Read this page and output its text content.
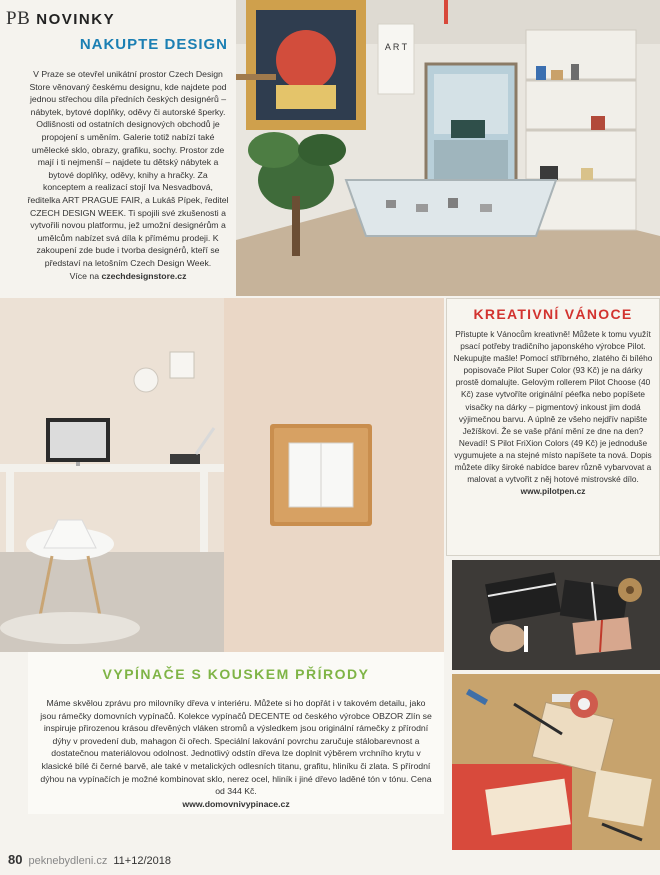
PB NOVINKY
NAKUPTE DESIGN
V Praze se otevřel unikátní prostor Czech Design Store věnovaný českému designu, kde najdete pod jednou střechou díla předních českých designérů – nábytek, bytové doplňky, oděvy či autorské šperky. Odlišnosti od ostatních designových obchodů je propojení s uměním. Galerie totiž nabízí také umělecké sklo, obrazy, grafiku, sochy. Prostor zde mají i ti nejmenší – najdete tu dětský nábytek a bytové doplňky, oděvy, knihy a hračky. Za konceptem a realizací stojí Iva Nesvadbová, ředitelka ART PRAGUE FAIR, a Lukáš Pípek, ředitel CZECH DESIGN WEEK. Ti spojili své zkušenosti a vytvořili novou platformu, jež umožní designérům a umělcům nabízet svá díla k přímému prodeji. K zakoupení zde bude i tvorba designérů, kteří se představí na letošním Czech Design Week.
Více na czechdesignstore.cz
A R T
VYPÍNAČE S KOUSKEM PŘÍRODY
Máme skvělou zprávu pro milovníky dřeva v interiéru. Můžete si ho dopřát i v takovém detailu, jako jsou rámečky domovních vypínačů. Kolekce vypínačů DECENTE od českého výrobce OBZOR Zlín se inspiruje přirozenou krásou dřevěných vláken stromů a výsledkem jsou originální rámečky z přírodní dýhy v provedení dub, mahagon či ořech. Speciální lakování povrchu zaručuje stálobarevnost a dostatečnou materiálovou odolnost. Jednotlivý odstín dřeva lze doplnit výběrem vrchního krytu v klasické bílé či černé barvě, ale také v metalických odlesních titanu, grafitu, hliníku či zlata. S přírodní dýhou na vypínačích je možné kombinovat sklo, nerez ocel, hliník i jiné dřevo laděné tón v tónu. Cena od 344 Kč.
www.domovnivypinace.cz
KREATIVNÍ VÁNOCE
Přistupte k Vánocům kreativně! Můžete k tomu využít psací potřeby tradičního japonského výrobce Pilot. Nekupujte mašle! Pomocí stříbrného, zlatého či bílého popisovače Pilot Super Color (93 Kč) je na dárky prostě domalujte. Gelovým rollerem Pilot Choose (40 Kč) zase vytvoříte originální péefka nebo popíšete visačky na dárky – pigmentový inkoust jim dodá výjimečnou barvu. A úplně ze všeho nejdřív napište Ježíškovi. Že se vaše přání mění ze dne na den? Nevadí! S Pilot FriXion Colors (49 Kč) je jednoduše vygumujete a na stejné místo napíšete ta nová. Dopis můžete díky široké nabídce barev různě vybarvovat a malovat a vytvořit z něj hotové mistrovské dílo.
www.pilotpen.cz
80 peknebydleni.cz 11+12/2018
